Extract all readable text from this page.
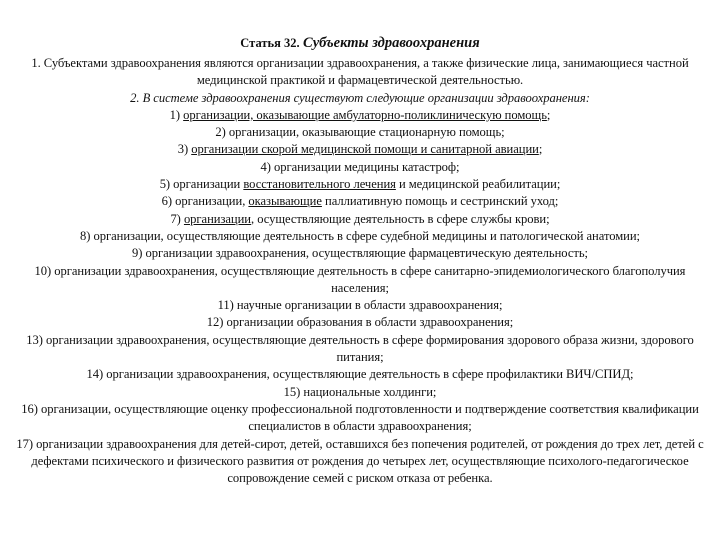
Статья 32. Субъекты здравоохранения

1. Субъектами здравоохранения являются организации здравоохранения, а также физические лица, занимающиеся частной медицинской практикой и фармацевтической деятельностью.

2. В системе здравоохранения существуют следующие организации здравоохранения:

1) организации, оказывающие амбулаторно-поликлиническую помощь;

2) организации, оказывающие стационарную помощь;

3) организации скорой медицинской помощи и санитарной авиации;

4) организации медицины катастроф;

5) организации восстановительного лечения и медицинской реабилитации;

6) организации, оказывающие паллиативную помощь и сестринский уход;

7) организации, осуществляющие деятельность в сфере службы крови;

8) организации, осуществляющие деятельность в сфере судебной медицины и патологической анатомии;

9) организации здравоохранения, осуществляющие фармацевтическую деятельность;

10) организации здравоохранения, осуществляющие деятельность в сфере санитарно-эпидемиологического благополучия населения;

11) научные организации в области здравоохранения;

12) организации образования в области здравоохранения;

13) организации здравоохранения, осуществляющие деятельность в сфере формирования здорового образа жизни, здорового питания;

14) организации здравоохранения, осуществляющие деятельность в сфере профилактики ВИЧ/СПИД;

15) национальные холдинги;

16) организации, осуществляющие оценку профессиональной подготовленности и подтверждение соответствия квалификации специалистов в области здравоохранения;

17) организации здравоохранения для детей-сирот, детей, оставшихся без попечения родителей, от рождения до трех лет, детей с дефектами психического и физического развития от рождения до четырех лет, осуществляющие психолого-педагогическое сопровождение семей с риском отказа от ребенка.
